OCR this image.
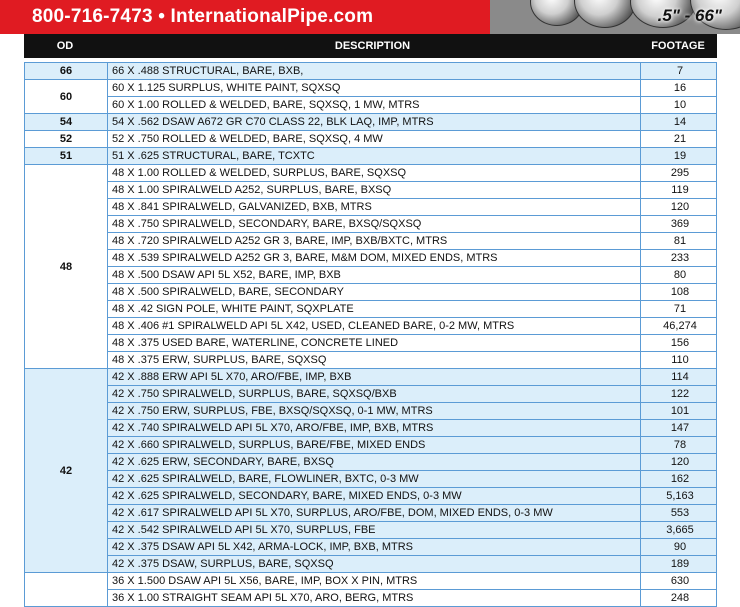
800-716-7473 • InternationalPipe.com	.5" - 66"
OD	DESCRIPTION	FOOTAGE
66	66 X .488 STRUCTURAL, BARE, BXB,	7
60
60 X 1.125 SURPLUS, WHITE PAINT, SQXSQ	16
60 X 1.00 ROLLED & WELDED, BARE, SQXSQ, 1 MW, MTRS	10
54	54 X .562 DSAW A672 GR C70 CLASS 22, BLK LAQ, IMP, MTRS	14
52	52 X .750 ROLLED & WELDED, BARE, SQXSQ, 4 MW	21
51	51 X .625 STRUCTURAL, BARE, TCXTC	19
48
48 X 1.00 ROLLED & WELDED, SURPLUS, BARE, SQXSQ	295
48 X 1.00 SPIRALWELD A252, SURPLUS, BARE, BXSQ	119
48 X .841 SPIRALWELD, GALVANIZED, BXB, MTRS	120
48 X .750 SPIRALWELD, SECONDARY, BARE, BXSQ/SQXSQ	369
48 X .720 SPIRALWELD A252 GR 3, BARE, IMP, BXB/BXTC, MTRS	81
48 X .539 SPIRALWELD A252 GR 3, BARE, M&M DOM, MIXED ENDS, MTRS	233
48 X .500 DSAW API 5L X52, BARE, IMP, BXB	80
48 X .500 SPIRALWELD, BARE, SECONDARY	108
48 X .42 SIGN POLE, WHITE PAINT, SQXPLATE	71
48 X .406 #1 SPIRALWELD API 5L X42, USED, CLEANED BARE, 0-2 MW, MTRS	46,274
48 X .375 USED BARE, WATERLINE, CONCRETE LINED	156
48 X .375 ERW, SURPLUS, BARE, SQXSQ	110
42
42 X .888 ERW API 5L X70, ARO/FBE, IMP, BXB	114
42 X .750 SPIRALWELD, SURPLUS, BARE, SQXSQ/BXB	122
42 X .750 ERW, SURPLUS, FBE, BXSQ/SQXSQ, 0-1 MW, MTRS	101
42 X .740 SPIRALWELD API 5L X70, ARO/FBE, IMP, BXB, MTRS	147
42 X .660 SPIRALWELD, SURPLUS, BARE/FBE, MIXED ENDS	78
42 X .625 ERW, SECONDARY, BARE, BXSQ	120
42 X .625 SPIRALWELD, BARE, FLOWLINER, BXTC, 0-3 MW	162
42 X .625 SPIRALWELD, SECONDARY, BARE, MIXED ENDS, 0-3 MW	5,163
42 X .617 SPIRALWELD API 5L X70, SURPLUS, ARO/FBE, DOM, MIXED ENDS, 0-3 MW	553
42 X .542 SPIRALWELD API 5L X70, SURPLUS, FBE	3,665
42 X .375 DSAW API 5L X42, ARMA-LOCK, IMP, BXB, MTRS	90
42 X .375 DSAW, SURPLUS, BARE, SQXSQ	189
36 X 1.500 DSAW API 5L X56, BARE, IMP, BOX X PIN, MTRS	630
36 X 1.00 STRAIGHT SEAM API 5L X70, ARO, BERG, MTRS	248
